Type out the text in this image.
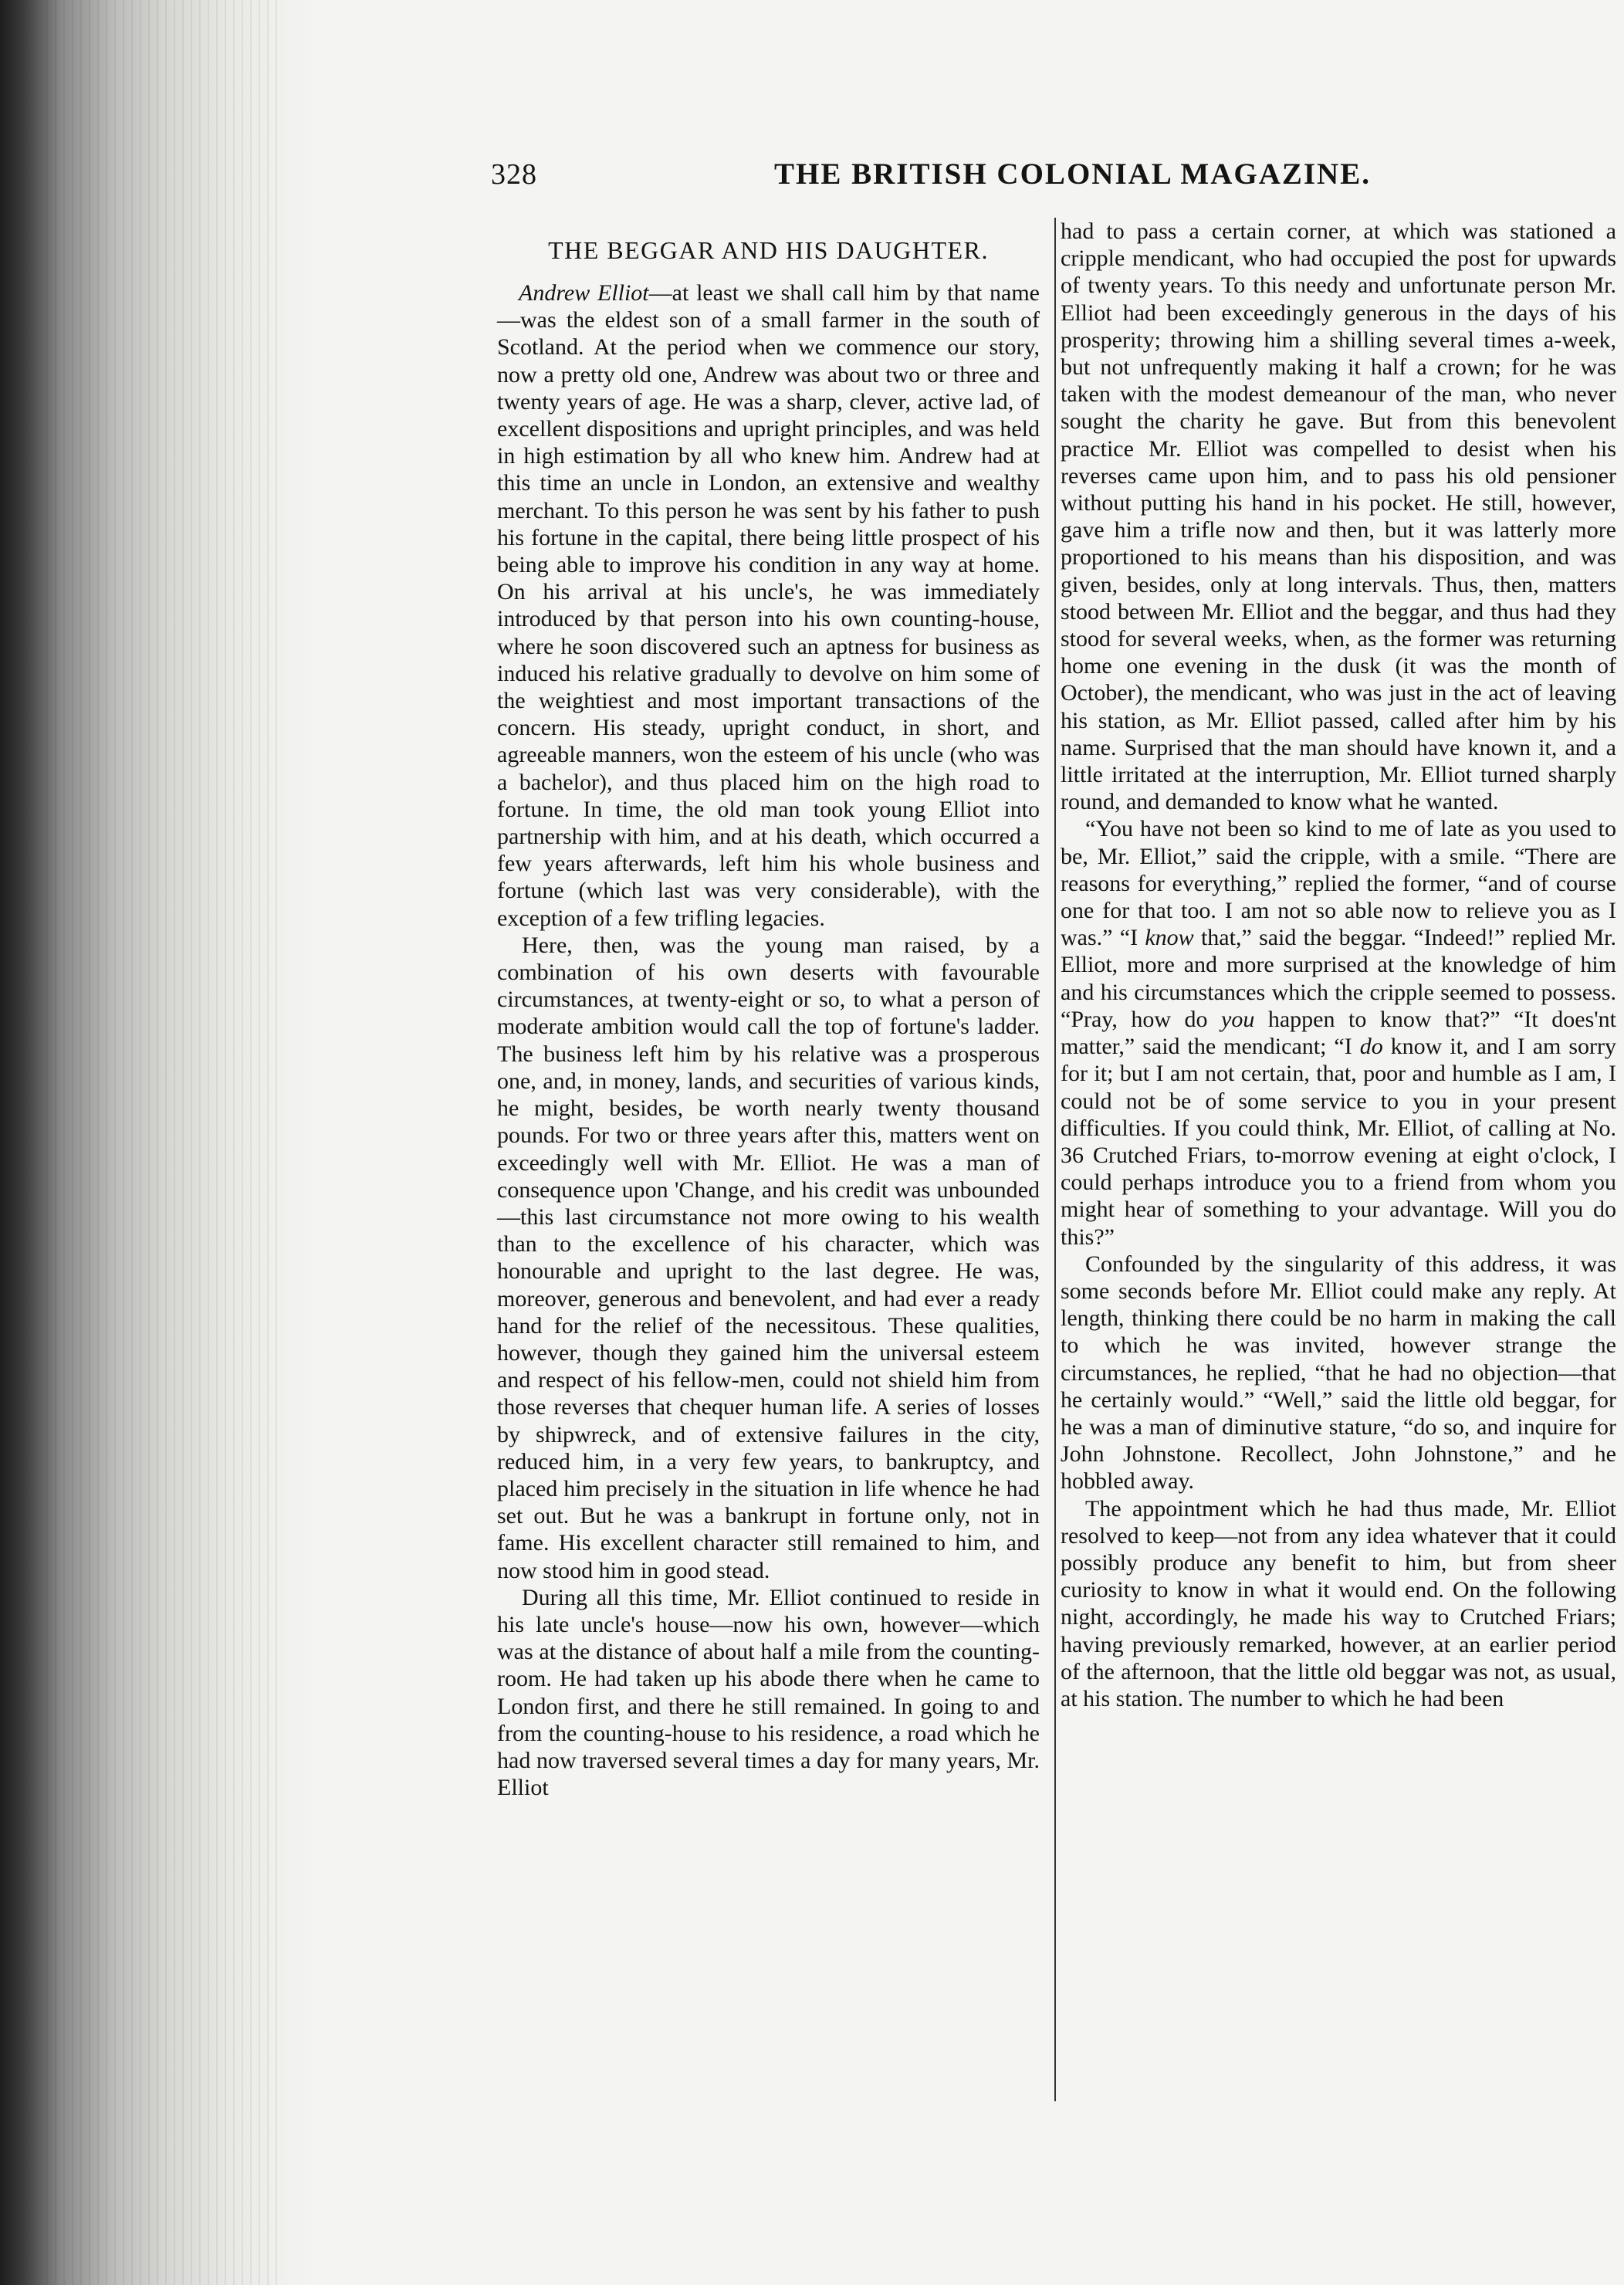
328	THE BRITISH COLONIAL MAGAZINE.
THE BEGGAR AND HIS DAUGHTER.

Andrew Elliot—at least we shall call him by that name—was the eldest son of a small farmer in the south of Scotland. At the period when we commence our story, now a pretty old one, Andrew was about two or three and twenty years of age. He was a sharp, clever, active lad, of excellent dispositions and upright principles, and was held in high estimation by all who knew him. Andrew had at this time an uncle in London, an extensive and wealthy merchant. To this person he was sent by his father to push his fortune in the capital, there being little prospect of his being able to improve his condition in any way at home. On his arrival at his uncle's, he was immediately introduced by that person into his own counting-house, where he soon discovered such an aptness for business as induced his relative gradually to devolve on him some of the weightiest and most important transactions of the concern. His steady, upright conduct, in short, and agreeable manners, won the esteem of his uncle (who was a bachelor), and thus placed him on the high road to fortune. In time, the old man took young Elliot into partnership with him, and at his death, which occurred a few years afterwards, left him his whole business and fortune (which last was very considerable), with the exception of a few trifling legacies.

Here, then, was the young man raised, by a combination of his own deserts with favourable circumstances, at twenty-eight or so, to what a person of moderate ambition would call the top of fortune's ladder. The business left him by his relative was a prosperous one, and, in money, lands, and securities of various kinds, he might, besides, be worth nearly twenty thousand pounds. For two or three years after this, matters went on exceedingly well with Mr. Elliot. He was a man of consequence upon 'Change, and his credit was unbounded—this last circumstance not more owing to his wealth than to the excellence of his character, which was honourable and upright to the last degree. He was, moreover, generous and benevolent, and had ever a ready hand for the relief of the necessitous. These qualities, however, though they gained him the universal esteem and respect of his fellow-men, could not shield him from those reverses that chequer human life. A series of losses by shipwreck, and of extensive failures in the city, reduced him, in a very few years, to bankruptcy, and placed him precisely in the situation in life whence he had set out. But he was a bankrupt in fortune only, not in fame. His excellent character still remained to him, and now stood him in good stead.

During all this time, Mr. Elliot continued to reside in his late uncle's house—now his own, however—which was at the distance of about half a mile from the counting-room. He had taken up his abode there when he came to London first, and there he still remained. In going to and from the counting-house to his residence, a road which he had now traversed several times a day for many years, Mr. Elliot

had to pass a certain corner, at which was stationed a cripple mendicant, who had occupied the post for upwards of twenty years. To this needy and unfortunate person Mr. Elliot had been exceedingly generous in the days of his prosperity; throwing him a shilling several times a-week, but not unfrequently making it half a crown; for he was taken with the modest demeanour of the man, who never sought the charity he gave. But from this benevolent practice Mr. Elliot was compelled to desist when his reverses came upon him, and to pass his old pensioner without putting his hand in his pocket. He still, however, gave him a trifle now and then, but it was latterly more proportioned to his means than his disposition, and was given, besides, only at long intervals. Thus, then, matters stood between Mr. Elliot and the beggar, and thus had they stood for several weeks, when, as the former was returning home one evening in the dusk (it was the month of October), the mendicant, who was just in the act of leaving his station, as Mr. Elliot passed, called after him by his name. Surprised that the man should have known it, and a little irritated at the interruption, Mr. Elliot turned sharply round, and demanded to know what he wanted.

“You have not been so kind to me of late as you used to be, Mr. Elliot,” said the cripple, with a smile. “There are reasons for everything,” replied the former, “and of course one for that too. I am not so able now to relieve you as I was.” “I know that,” said the beggar. “Indeed!” replied Mr. Elliot, more and more surprised at the knowledge of him and his circumstances which the cripple seemed to possess. “Pray, how do you happen to know that?” “It does'nt matter,” said the mendicant; “I do know it, and I am sorry for it; but I am not certain, that, poor and humble as I am, I could not be of some service to you in your present difficulties. If you could think, Mr. Elliot, of calling at No. 36 Crutched Friars, to-morrow evening at eight o'clock, I could perhaps introduce you to a friend from whom you might hear of something to your advantage. Will you do this?”

Confounded by the singularity of this address, it was some seconds before Mr. Elliot could make any reply. At length, thinking there could be no harm in making the call to which he was invited, however strange the circumstances, he replied, “that he had no objection—that he certainly would.” “Well,” said the little old beggar, for he was a man of diminutive stature, “do so, and inquire for John Johnstone. Recollect, John Johnstone,” and he hobbled away.

The appointment which he had thus made, Mr. Elliot resolved to keep—not from any idea whatever that it could possibly produce any benefit to him, but from sheer curiosity to know in what it would end. On the following night, accordingly, he made his way to Crutched Friars; having previously remarked, however, at an earlier period of the afternoon, that the little old beggar was not, as usual, at his station. The number to which he had been
